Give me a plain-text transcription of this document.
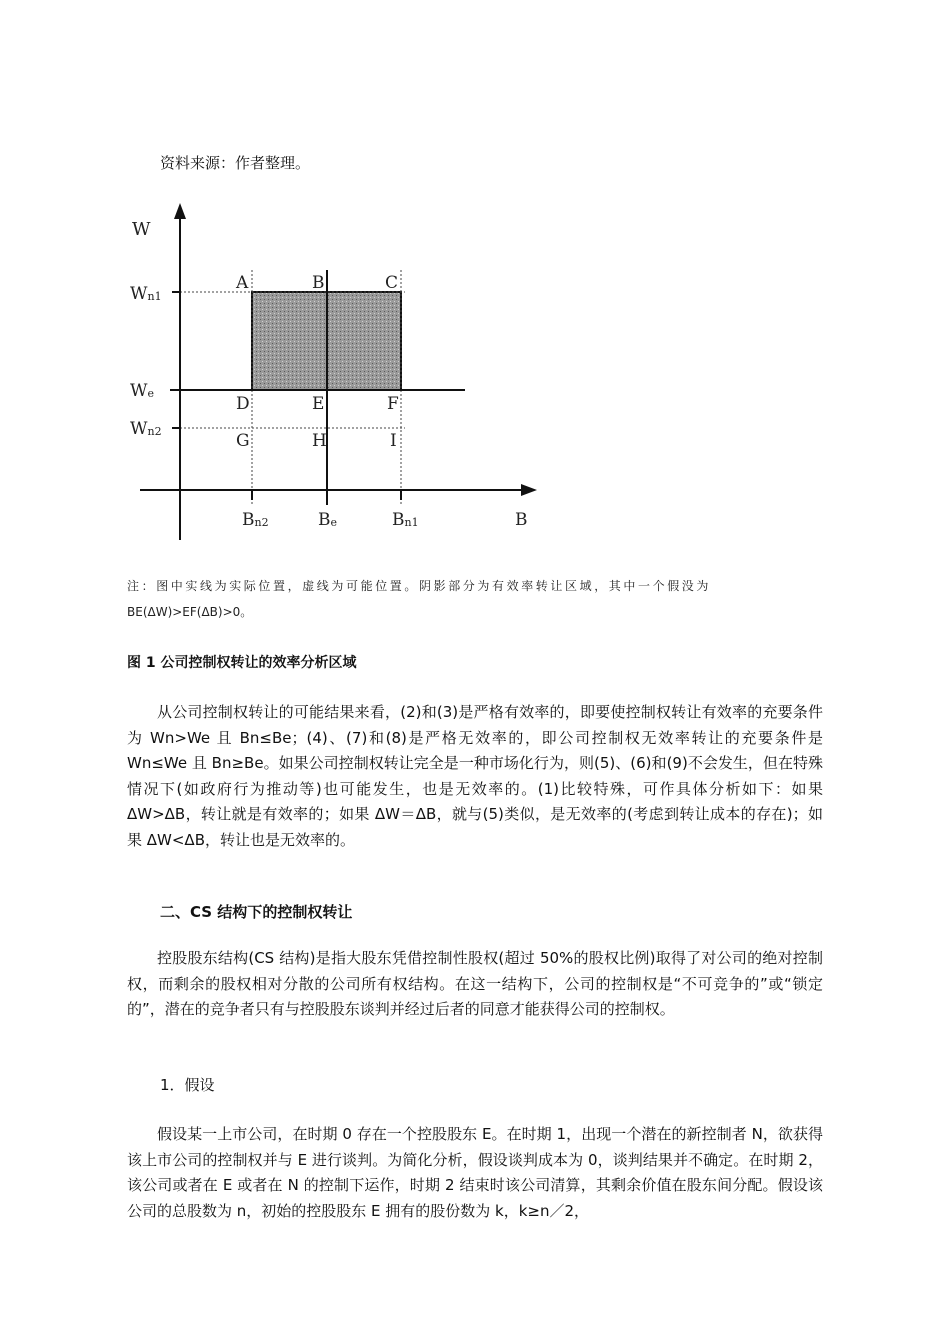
资料来源：作者整理。
W
B
Wn1
We
Wn2
Bn2	Be	Bn1
A	B	C
D	E	F
G	H	I

注：图中实线为实际位置，虚线为可能位置。阴影部分为有效率转让区域，其中一个假没为

BE(ΔW)>EF(ΔB)>0。

图 1 公司控制权转让的效率分析区域

从公司控制权转让的可能结果来看，(2)和(3)是严格有效率的，即要使控制权转让有效率的充要条件为 Wn>We 且 Bn≤Be；(4)、(7)和(8)是严格无效率的，即公司控制权无效率转让的充要条件是 Wn≤We 且 Bn≥Be。如果公司控制权转让完全是一种市场化行为，则(5)、(6)和(9)不会发生，但在特殊情况下(如政府行为推动等)也可能发生，也是无效率的。(1)比较特殊，可作具体分析如下：如果 ΔW>ΔB，转让就是有效率的；如果 ΔW＝ΔB，就与(5)类似，是无效率的(考虑到转让成本的存在)；如果 ΔW<ΔB，转让也是无效率的。

二、CS 结构下的控制权转让

控股股东结构(CS 结构)是指大股东凭借控制性股权(超过 50%的股权比例)取得了对公司的绝对控制权，而剩余的股权相对分散的公司所有权结构。在这一结构下，公司的控制权是“不可竞争的”或“锁定的”，潜在的竞争者只有与控股股东谈判并经过后者的同意才能获得公司的控制权。

1．假设

假设某一上市公司，在时期 0 存在一个控股股东 E。在时期 1，出现一个潜在的新控制者 N，欲获得该上市公司的控制权并与 E 进行谈判。为简化分析，假设谈判成本为 0，谈判结果并不确定。在时期 2，该公司或者在 E 或者在 N 的控制下运作，时期 2 结束时该公司清算，其剩余价值在股东间分配。假设该公司的总股数为 n，初始的控股股东 E 拥有的股份数为 k，k≥n／2，
